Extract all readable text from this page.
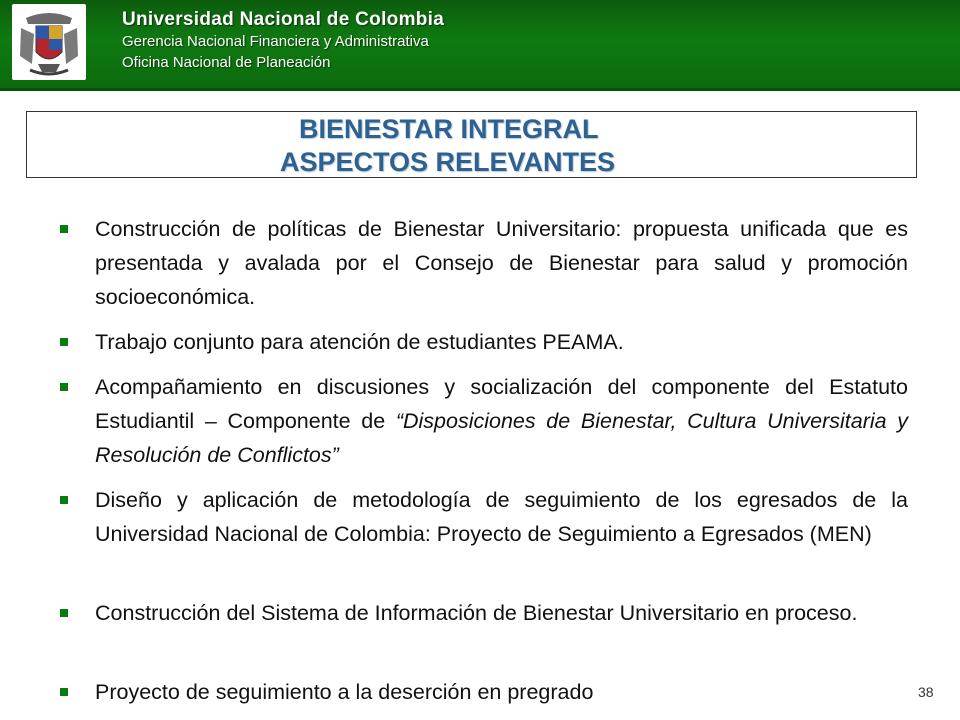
Universidad Nacional de Colombia
Gerencia Nacional Financiera y Administrativa
Oficina Nacional de Planeación
BIENESTAR INTEGRAL
ASPECTOS RELEVANTES
Construcción de políticas de Bienestar Universitario: propuesta unificada que es presentada y avalada por el Consejo de Bienestar para salud y promoción socioeconómica.
Trabajo conjunto para atención de estudiantes PEAMA.
Acompañamiento en discusiones y socialización del componente del Estatuto Estudiantil – Componente de “Disposiciones de Bienestar, Cultura Universitaria y Resolución de Conflictos”
Diseño y aplicación de metodología de seguimiento de los egresados de la Universidad Nacional de Colombia: Proyecto de Seguimiento a Egresados (MEN)
Construcción del Sistema de Información de Bienestar Universitario en proceso.
Proyecto de seguimiento a la deserción en pregrado	38
